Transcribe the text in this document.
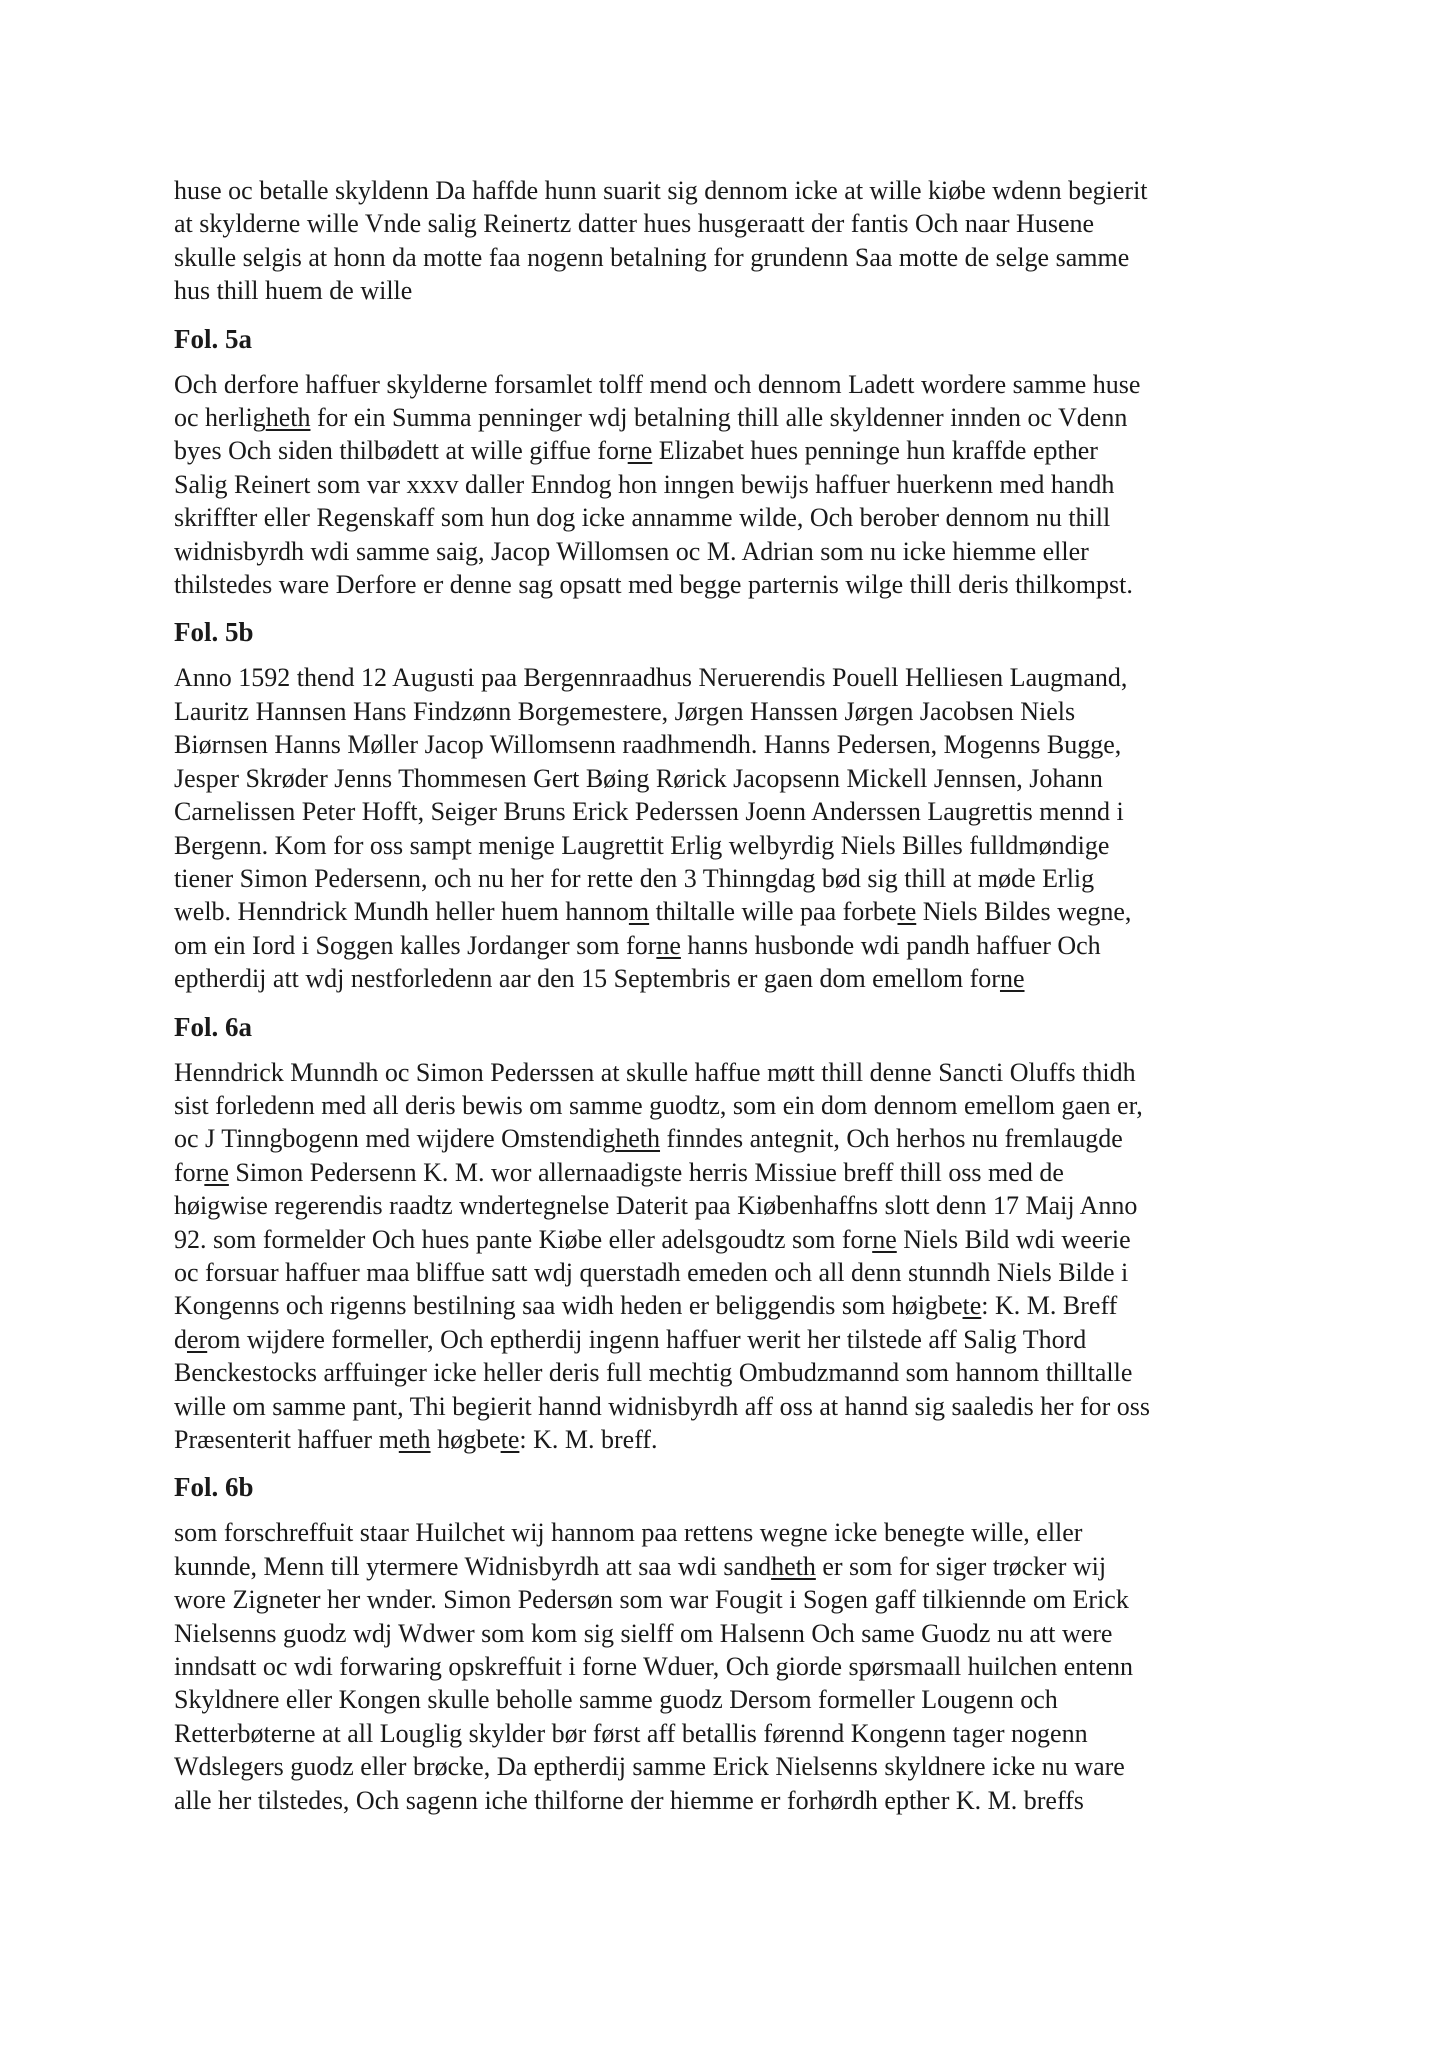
huse oc betalle skyldenn Da haffde hunn suarit sig dennom icke at wille kiøbe wdenn begierit
at skylderne wille Vnde salig Reinertz datter hues husgeraatt der fantis Och naar Husene
skulle selgis at honn da motte faa nogenn betalning for grundenn Saa motte de selge samme
hus thill huem de wille
Fol. 5a
Och derfore haffuer skylderne forsamlet tolff mend och dennom Ladett wordere samme huse
oc herligheth for ein Summa penninger wdj betalning thill alle skyldenner innden oc Vdenn
byes Och siden thilbødett at wille giffue forne Elizabet hues penninge hun kraffde epther
Salig Reinert som var xxxv daller Enndog hon inngen bewijs haffuer huerkenn med handh
skriffter eller Regenskaff som hun dog icke annamme wilde, Och berober dennom nu thill
widnisbyrdh wdi samme saig, Jacop Willomsen oc M. Adrian som nu icke hiemme eller
thilstedes ware Derfore er denne sag opsatt med begge parternis wilge thill deris thilkompst.
Fol. 5b
Anno 1592 thend 12 Augusti paa Bergennraadhus Neruerendis Pouell Helliesen Laugmand,
Lauritz Hannsen Hans Findzønn Borgemestere, Jørgen Hanssen Jørgen Jacobsen Niels
Biørnsen Hanns Møller Jacop Willomsenn raadhmendh. Hanns Pedersen, Mogenns Bugge,
Jesper Skrøder Jenns Thommesen Gert Bøing Rørick Jacopsenn Mickell Jennsen, Johann
Carnelissen Peter Hofft, Seiger Bruns Erick Pederssen Joenn Anderssen Laugrettis mennd i
Bergenn. Kom for oss sampt menige Laugrettit Erlig welbyrdig Niels Billes fulldmøndige
tiener Simon Pedersenn, och nu her for rette den 3 Thinngdag bød sig thill at møde Erlig
welb. Henndrick Mundh heller huem hannom thiltalle wille paa forbete Niels Bildes wegne,
om ein Iord i Soggen kalles Jordanger som forne hanns husbonde wdi pandh haffuer Och
eptherdij att wdj nestforledenn aar den 15 Septembris er gaen dom emellom forne
Fol. 6a
Henndrick Munndh oc Simon Pederssen at skulle haffue møtt thill denne Sancti Oluffs thidh
sist forledenn med all deris bewis om samme guodtz, som ein dom dennom emellom gaen er,
oc J Tinngbogenn med wijdere Omstendigheth finndes antegnit, Och herhos nu fremlaugde
forne Simon Pedersenn K. M. wor allernaadigste herris Missiue breff thill oss med de
høigwise regerendis raadtz wndertegnelse Daterit paa Kiøbenhaffns slott denn 17 Maij Anno
92. som formelder Och hues pante Kiøbe eller adelsgoudtz som forne Niels Bild wdi weerie
oc forsuar haffuer maa bliffue satt wdj querstadh emeden och all denn stunndh Niels Bilde i
Kongenns och rigenns bestilning saa widh heden er beliggendis som høigbete: K. M. Breff
derom wijdere formeller, Och eptherdij ingenn haffuer werit her tilstede aff Salig Thord
Benckestocks arffuinger icke heller deris full mechtig Ombudzmannd som hannom thilltalle
wille om samme pant, Thi begierit hannd widnisbyrdh aff oss at hannd sig saaledis her for oss
Præsenterit haffuer meth høgbete: K. M. breff.
Fol. 6b
som forschreffuit staar Huilchet wij hannom paa rettens wegne icke benegte wille, eller
kunnde, Menn till ytermere Widnisbyrdh att saa wdi sandheth er som for siger trøcker wij
wore Zigneter her wnder. Simon Pedersøn som war Fougit i Sogen gaff tilkiennde om Erick
Nielsenns guodz wdj Wdwer som kom sig sielff om Halsenn Och same Guodz nu att were
inndsatt oc wdi forwaring opskreffuit i forne Wduer, Och giorde spørsmaall huilchen entenn
Skyldnere eller Kongen skulle beholle samme guodz Dersom formeller Lougenn och
Retterbøterne at all Louglig skylder bør først aff betallis førennd Kongenn tager nogenn
Wdslegers guodz eller brøcke, Da eptherdij samme Erick Nielsenns skyldnere icke nu ware
alle her tilstedes, Och sagenn iche thilforne der hiemme er forhørdh epther K. M. breffs
